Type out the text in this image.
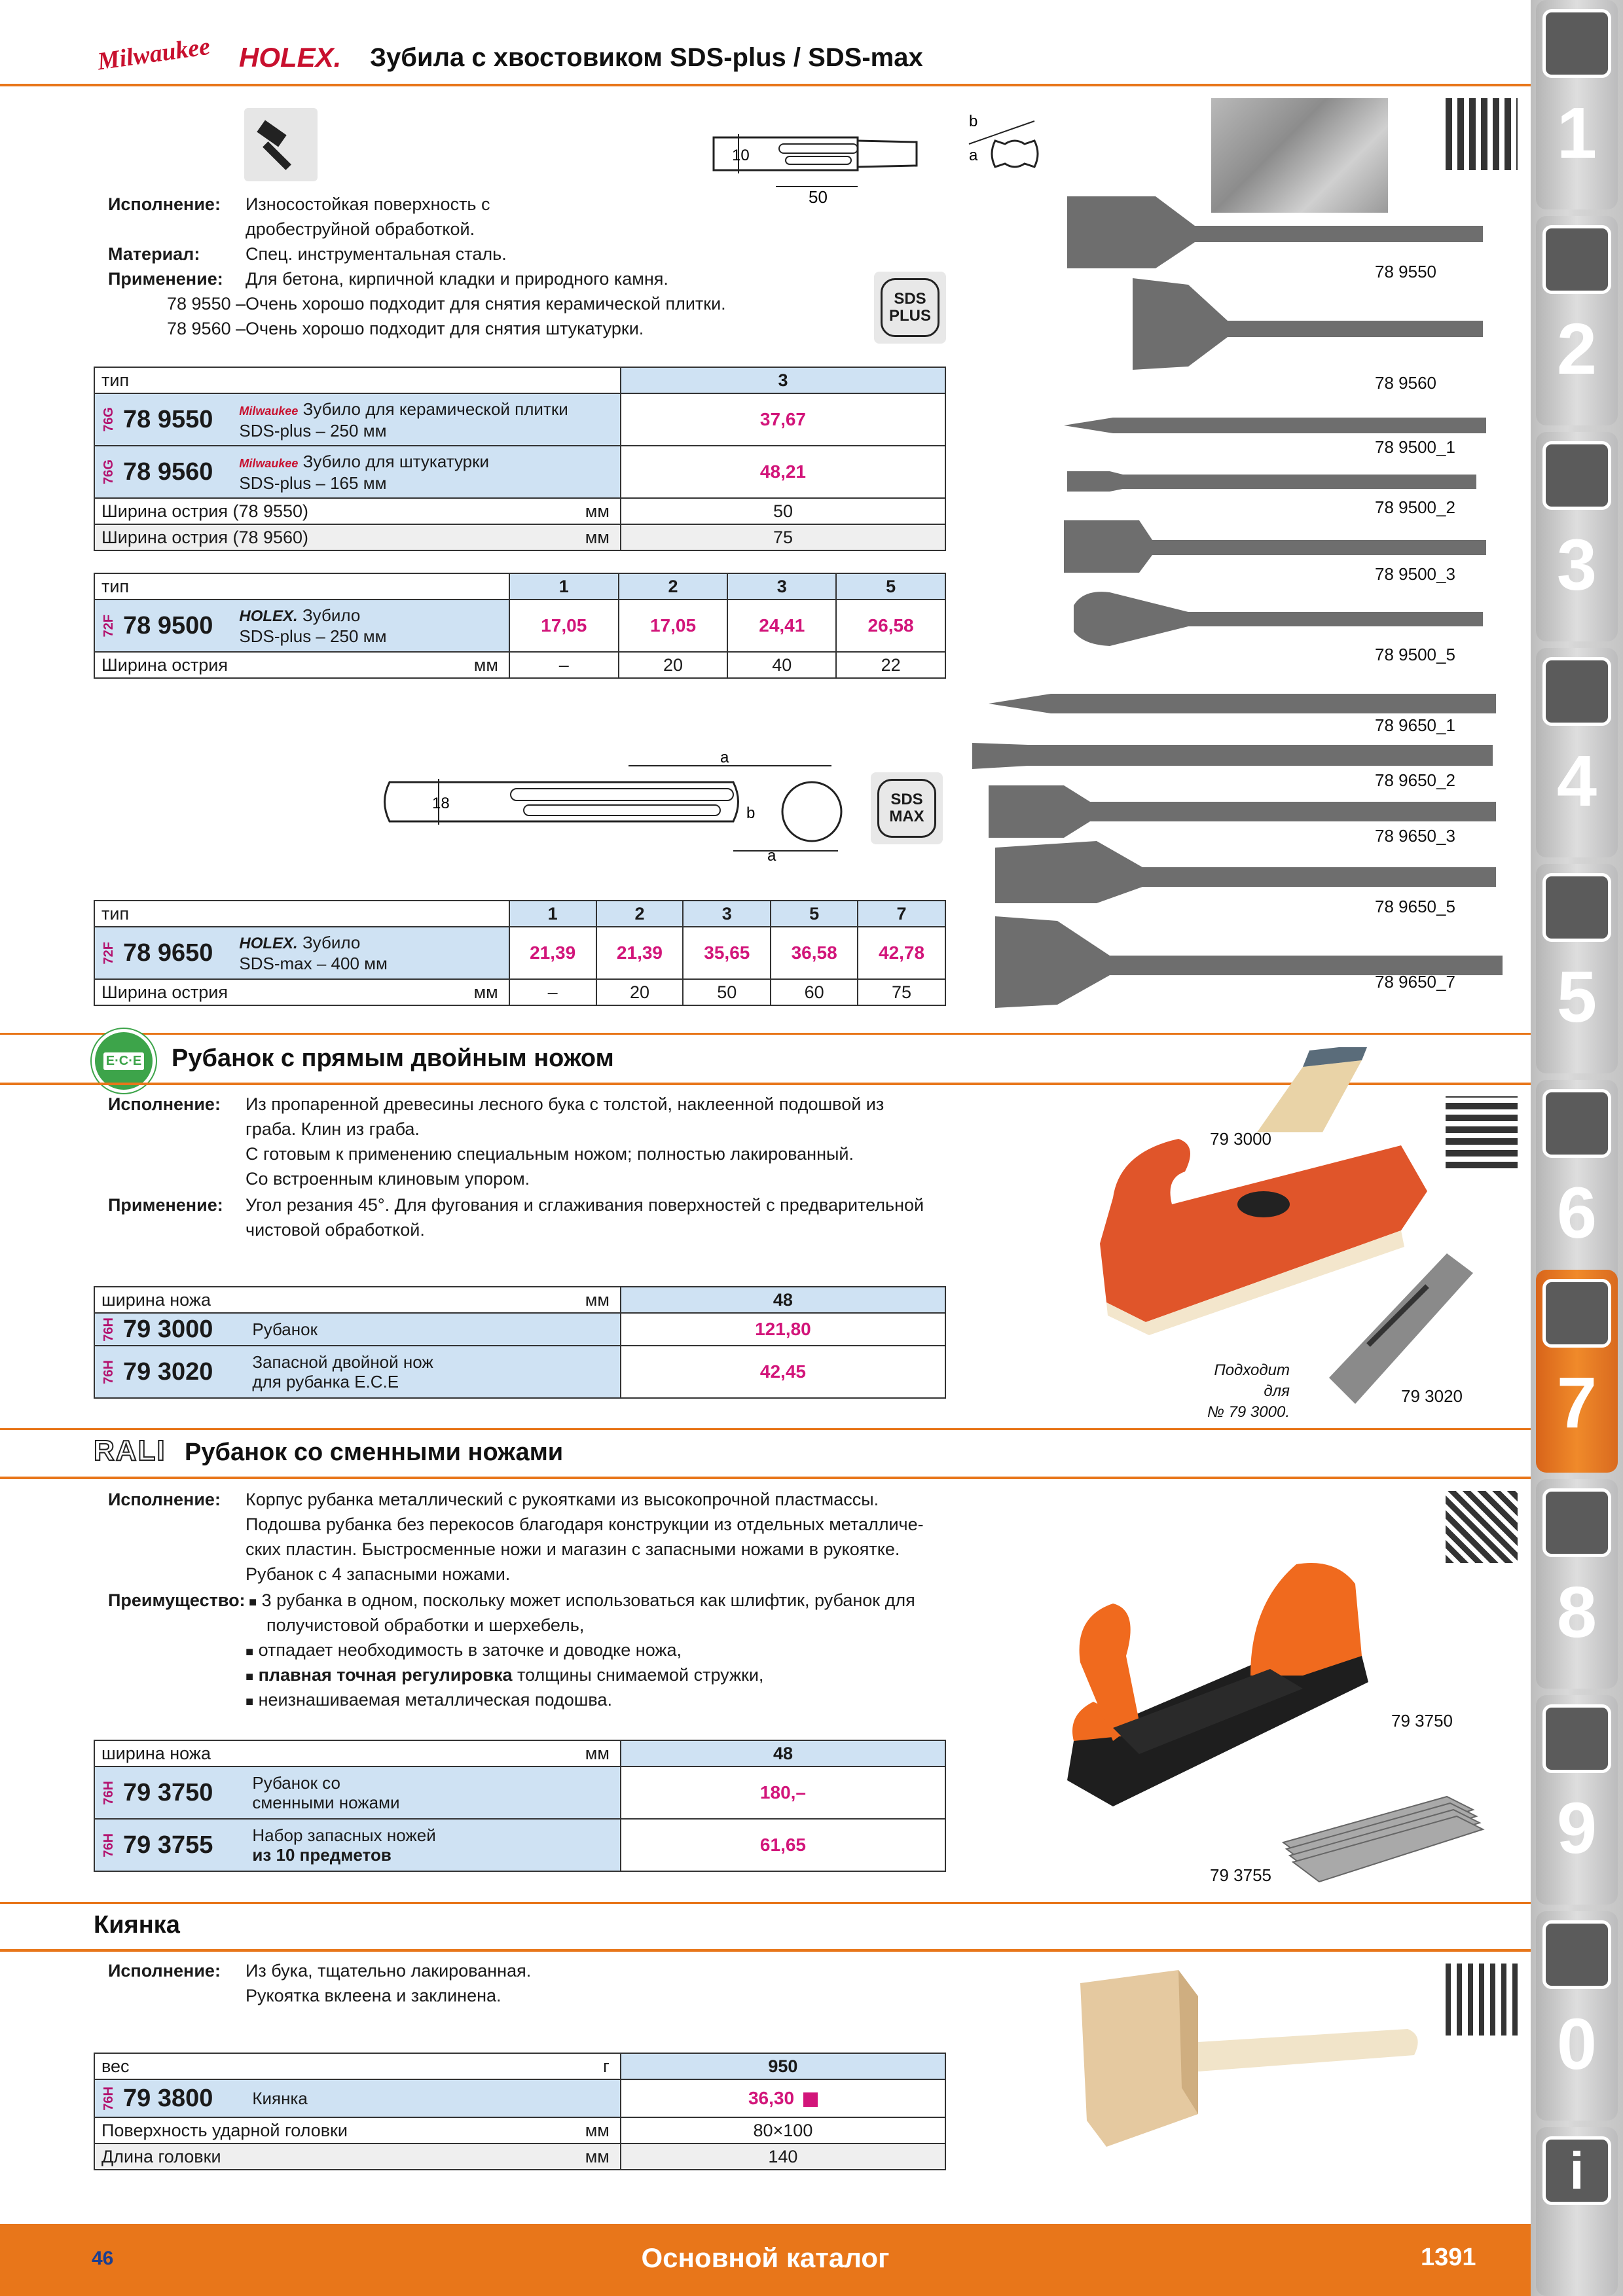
Milwaukee HOLEX. Зубила с хвостовиком SDS-plus / SDS-max
Исполнение: Износостойкая поверхность с
дробеструйной обработкой.
Материал:	Спец. инструментальная сталь.
Применение: Для бетона, кирпичной кладки и природного камня.
78 9550 – Очень хорошо подходит для снятия керамической плитки.
78 9560 – Очень хорошо подходит для снятия штукатурки.
10
50
b
a
SDS
PLUS
тип		3

76G 78 9550 Milwaukee Зубило для керамической плитки
SDS-plus – 250 мм		37,67

76G 78 9560 Milwaukee Зубило для штукатурки
SDS-plus – 165 мм		48,21
Ширина острия (78 9550)	мм	50
Ширина острия (78 9560)	мм	75
тип		1	2	3	5

72F 78 9500 HOLEX. Зубило
SDS-plus – 250 мм		17,05	17,05	24,41	26,58
Ширина острия	мм	–	20	40	22
18
a
b
a
SDS
MAX
тип		1	2	3	5	7

72F 78 9650 HOLEX. Зубило
SDS-max – 400 мм		21,39	21,39	35,65	36,58	42,78
Ширина острия	мм	–	20	50	60	75
78 9550
78 9560
78 9500_1
78 9500_2
78 9500_3
78 9500_5
78 9650_1
78 9650_2
78 9650_3
78 9650_5
78 9650_7
E·C·E Рубанок с прямым двойным ножом
Исполнение: Из пропаренной древесины лесного бука с толстой, наклеенной подошвой из
граба. Клин из граба.
С готовым к применению специальным ножом; полностью лакированный.
Со встроенным клиновым упором.
Применение: Угол резания 45°. Для фугования и сглаживания поверхностей с предварительной
чистовой обработкой.
ширина ножа	мм	48

76H 79 3000 Рубанок		121,80

76H 79 3020 Запасной двойной нож
для рубанка E.C.E		42,45
79 3000
Подходит для
№ 79 3000.
79 3020
RALI Рубанок со сменными ножами
Исполнение: Корпус рубанка металлический с рукоятками из высокопрочной пластмассы.
Подошва рубанка без перекосов благодаря конструкции из отдельных металличе-
ских пластин. Быстросменные ножи и магазин с запасными ножами в рукоятке.
Рубанок с 4 запасными ножами.
Преимущество: ■ 3 рубанка в одном, поскольку может использоваться как шлифтик, рубанок для
получистовой обработки и шерхебель,
■ отпадает необходимость в заточке и доводке ножа,
■ плавная точная регулировка толщины снимаемой стружки,
■ неизнашиваемая металлическая подошва.
ширина ножа	мм	48

76H 79 3750 Рубанок со
сменными ножами		180,–

76H 79 3755 Набор запасных ножей
из 10 предметов		61,65
79 3750
79 3755
Киянка
Исполнение: Из бука, тщательно лакированная.
Рукоятка вклеена и заклинена.
вес	г	950

76H 79 3800 Киянка		36,30
Поверхность ударной головки	мм	80×100
Длина головки	мм	140
1
2
3
4
5
6
7
8
9
0
i
46	Основной каталог	1391
